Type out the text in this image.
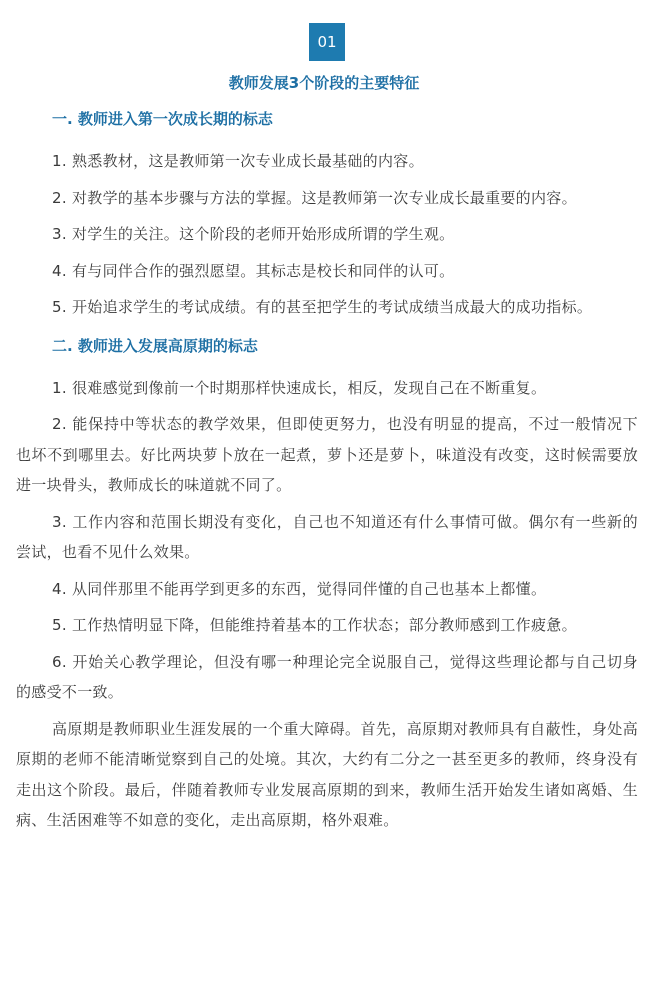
01
教师发展3个阶段的主要特征
一. 教师进入第一次成长期的标志

1. 熟悉教材，这是教师第一次专业成长最基础的内容。

2. 对教学的基本步骤与方法的掌握。这是教师第一次专业成长最重要的内容。

3. 对学生的关注。这个阶段的老师开始形成所谓的学生观。

4. 有与同伴合作的强烈愿望。其标志是校长和同伴的认可。

5. 开始追求学生的考试成绩。有的甚至把学生的考试成绩当成最大的成功指标。

二. 教师进入发展高原期的标志

1. 很难感觉到像前一个时期那样快速成长，相反，发现自己在不断重复。

2. 能保持中等状态的教学效果，但即使更努力，也没有明显的提高，不过一般情况下也坏不到哪里去。好比两块萝卜放在一起煮，萝卜还是萝卜，味道没有改变，这时候需要放进一块骨头，教师成长的味道就不同了。

3. 工作内容和范围长期没有变化，自己也不知道还有什么事情可做。偶尔有一些新的尝试，也看不见什么效果。

4. 从同伴那里不能再学到更多的东西，觉得同伴懂的自己也基本上都懂。

5. 工作热情明显下降，但能维持着基本的工作状态；部分教师感到工作疲惫。

6. 开始关心教学理论，但没有哪一种理论完全说服自己，觉得这些理论都与自己切身的感受不一致。

高原期是教师职业生涯发展的一个重大障碍。首先，高原期对教师具有自蔽性，身处高原期的老师不能清晰觉察到自己的处境。其次，大约有二分之一甚至更多的教师，终身没有走出这个阶段。最后，伴随着教师专业发展高原期的到来，教师生活开始发生诸如离婚、生病、生活困难等不如意的变化，走出高原期，格外艰难。
